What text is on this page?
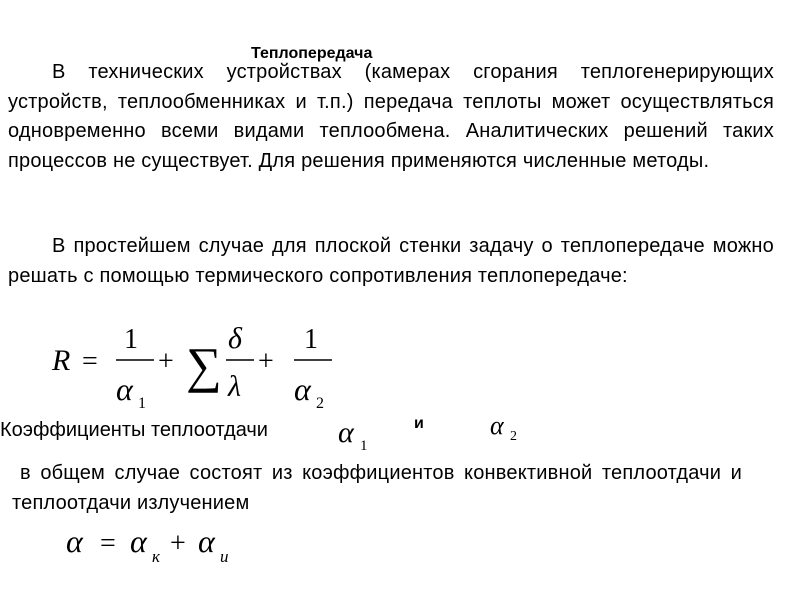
Теплопередача
В технических устройствах (камерах сгорания теплогенерирующих устройств, теплообменниках и т.п.) передача теплоты может осуществляться одновременно всеми видами теплообмена. Аналитических решений таких процессов не существует. Для решения применяются численные методы.
В простейшем случае для плоской стенки задачу о теплопередаче можно решать с помощью термического сопротивления теплопередаче:
R =
1
α 1
+ ∑ δ
λ
+
1
α 2
Коэффициенты теплоотдачи α 1
и	α 2
в общем случае состоят из коэффициентов конвективной теплоотдачи и теплоотдачи излучением
α = α к + α и
